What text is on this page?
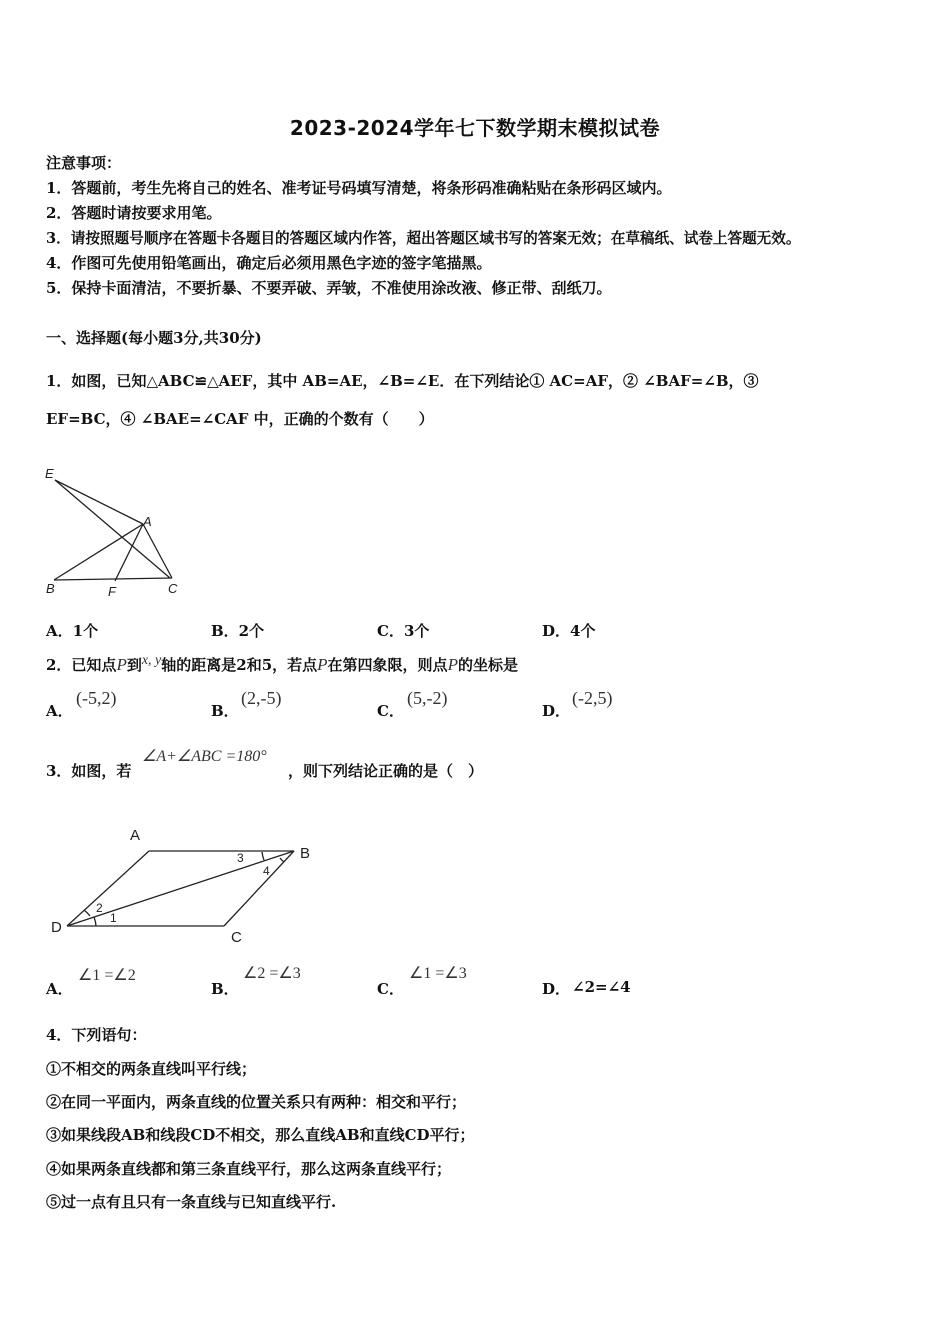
2023-2024学年七下数学期末模拟试卷
注意事项：
1．答题前，考生先将自己的姓名、准考证号码填写清楚，将条形码准确粘贴在条形码区域内。
2．答题时请按要求用笔。
3．请按照题号顺序在答题卡各题目的答题区域内作答，超出答题区域书写的答案无效；在草稿纸、试卷上答题无效。
4．作图可先使用铅笔画出，确定后必须用黑色字迹的签字笔描黑。
5．保持卡面清洁，不要折暴、不要弄破、弄皱，不准使用涂改液、修正带、刮纸刀。
一、选择题(每小题3分,共30分)
1．如图，已知△ABC≌△AEF，其中 AB=AE，∠B=∠E．在下列结论① AC=AF，② ∠BAF=∠B，③
EF=BC，④ ∠BAE=∠CAF 中，正确的个数有（　　）
E
A
B	F	C
A．1个	B．2个	C．3个	D．4个
2．已知点P到x, y轴的距离是2和5，若点P在第四象限，则点P的坐标是
A．
(-5,2)
B．
(2,-5)
C．
(5,-2)
D．
(-2,5)
3．如图，若
∠A+∠ABC =180°
，则下列结论正确的是（　）
A
B
C
D
1
2
3
4
A．
∠1 =∠2
B．
∠2 =∠3
C．
∠1 =∠3
D． ∠2=∠4
4．下列语句：
①不相交的两条直线叫平行线；
②在同一平面内，两条直线的位置关系只有两种：相交和平行；
③如果线段AB和线段CD不相交，那么直线AB和直线CD平行；
④如果两条直线都和第三条直线平行，那么这两条直线平行；
⑤过一点有且只有一条直线与已知直线平行.
